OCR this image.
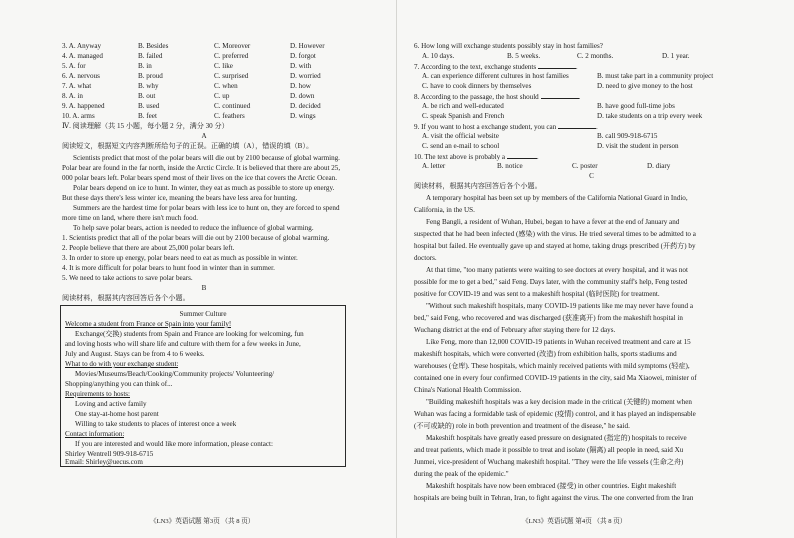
3. A. Anyway	B. Besides	C. Moreover	D. However
4. A. managed	B. failed	C. preferred	D. forgot
5. A. for	B. in	C. like	D. with
6. A. nervous	B. proud	C. surprised	D. worried
7. A. what	B. why	C. when	D. how
8. A. in	B. out	C. up	D. down
9. A. happened	B. used	C. continued	D. decided
10. A. arms	B. feet	C. feathers	D. wings
Ⅳ. 阅读理解（共 15 小题，每小题 2 分，满分 30 分）
A
阅读短文，根据短文内容判断所给句子的正误。正确的填（A），错误的填（B）。
Scientists predict that most of the polar bears will die out by 2100 because of global warming.
Polar bear are found in the far north, inside the Arctic Circle. It is believed that there are about 25,
000 polar bears left. Polar bears spend most of their lives on the ice that covers the Arctic Ocean.
Polar bears depend on ice to hunt. In winter, they eat as much as possible to store up energy.
But these days there's less winter ice, meaning the bears have less area for hunting.
Summers are the hardest time for polar bears with less ice to hunt on, they are forced to spend
more time on land, where there isn't much food.
To help save polar bears, action is needed to reduce the influence of global warming.
1. Scientists predict that all of the polar bears will die out by 2100 because of global warming.
2. People believe that there are about 25,000 polar bears left.
3. In order to store up energy, polar bears need to eat as much as possible in winter.
4. It is more difficult for polar bears to hunt food in winter than in summer.
5. We need to take actions to save polar bears.
B
阅读材料，根据其内容回答后各个小题。
Summer Culture
Welcome a student from France or Spain into your family!
Exchange(交换) students from Spain and France are looking for welcoming, fun
and loving hosts who will share life and culture with them for a few weeks in June,
July and August. Stays can be from 4 to 6 weeks.
What to do with your exchange student:
Movies/Museums/Beach/Cooking/Community projects/ Volunteering/
Shopping/anything you can think of...
Requirements to hosts:
Loving and active family
One stay-at-home host parent
Willing to take students to places of interest once a week
Contact information:
If you are interested and would like more information, please contact:
Shirley Wentrell 909-918-6715
Email: Shirley@uecus.com
《LN3》英语试题 第3页 （共 8 页）
6. How long will exchange students possibly stay in host families?
A. 10 days.	B. 5 weeks.	C. 2 months.	D. 1 year.
7. According to the text, exchange students	.
A. can experience different cultures in host families	B. must take part in a community project
C. have to cook dinners by themselves	D. need to give money to the host
8. According to the passage, the host should	.
A. be rich and well-educated	B. have good full-time jobs
C. speak Spanish and French	D. take students on a trip every week
9. If you want to host a exchange student, you can	.
A. visit the official website	B. call 909-918-6715
C. send an e-mail to school	D. visit the student in person
10. The text above is probably a	.
A. letter	B. notice	C. poster	D. diary
C
阅读材料，根据其内容回答后各个小题。
A temporary hospital has been set up by members of the California National Guard in Indio,
California, in the US.
Feng Bangli, a resident of Wuhan, Hubei, began to have a fever at the end of January and
suspected that he had been infected (感染) with the virus. He tried several times to be admitted to a
hospital but failed. He eventually gave up and stayed at home, taking drugs prescribed (开药方) by
doctors.
At that time, "too many patients were waiting to see doctors at every hospital, and it was not
possible for me to get a bed," said Feng. Days later, with the community staff's help, Feng tested
positive for COVID-19 and was sent to a makeshift hospital (临时医院) for treatment.
"Without such makeshift hospitals, many COVID-19 patients like me may never have found a
bed," said Feng, who recovered and was discharged (获准离开) from the makeshift hospital in
Wuchang district at the end of February after staying there for 12 days.
Like Feng, more than 12,000 COVID-19 patients in Wuhan received treatment and care at 15
makeshift hospitals, which were converted (改造) from exhibition halls, sports stadiums and
warehouses (仓库). These hospitals, which mainly received patients with mild symptoms (轻症),
contained one in every four confirmed COVID-19 patients in the city, said Ma Xiaowei, minister of
China's National Health Commission.
"Building makeshift hospitals was a key decision made in the critical (关键的) moment when
Wuhan was facing a formidable task of epidemic (疫情) control, and it has played an indispensable
(不可或缺的) role in both prevention and treatment of the disease," he said.
Makeshift hospitals have greatly eased pressure on designated (指定的) hospitals to receive
and treat patients, which made it possible to treat and isolate (隔离) all people in need, said Xu
Junmei, vice-president of Wuchang makeshift hospital. "They were the life vessels (生命之舟)
during the peak of the epidemic."
Makeshift hospitals have now been embraced (接受) in other countries. Eight makeshift
hospitals are being built in Tehran, Iran, to fight against the virus. The one converted from the Iran
《LN3》英语试题 第4页 （共 8 页）
